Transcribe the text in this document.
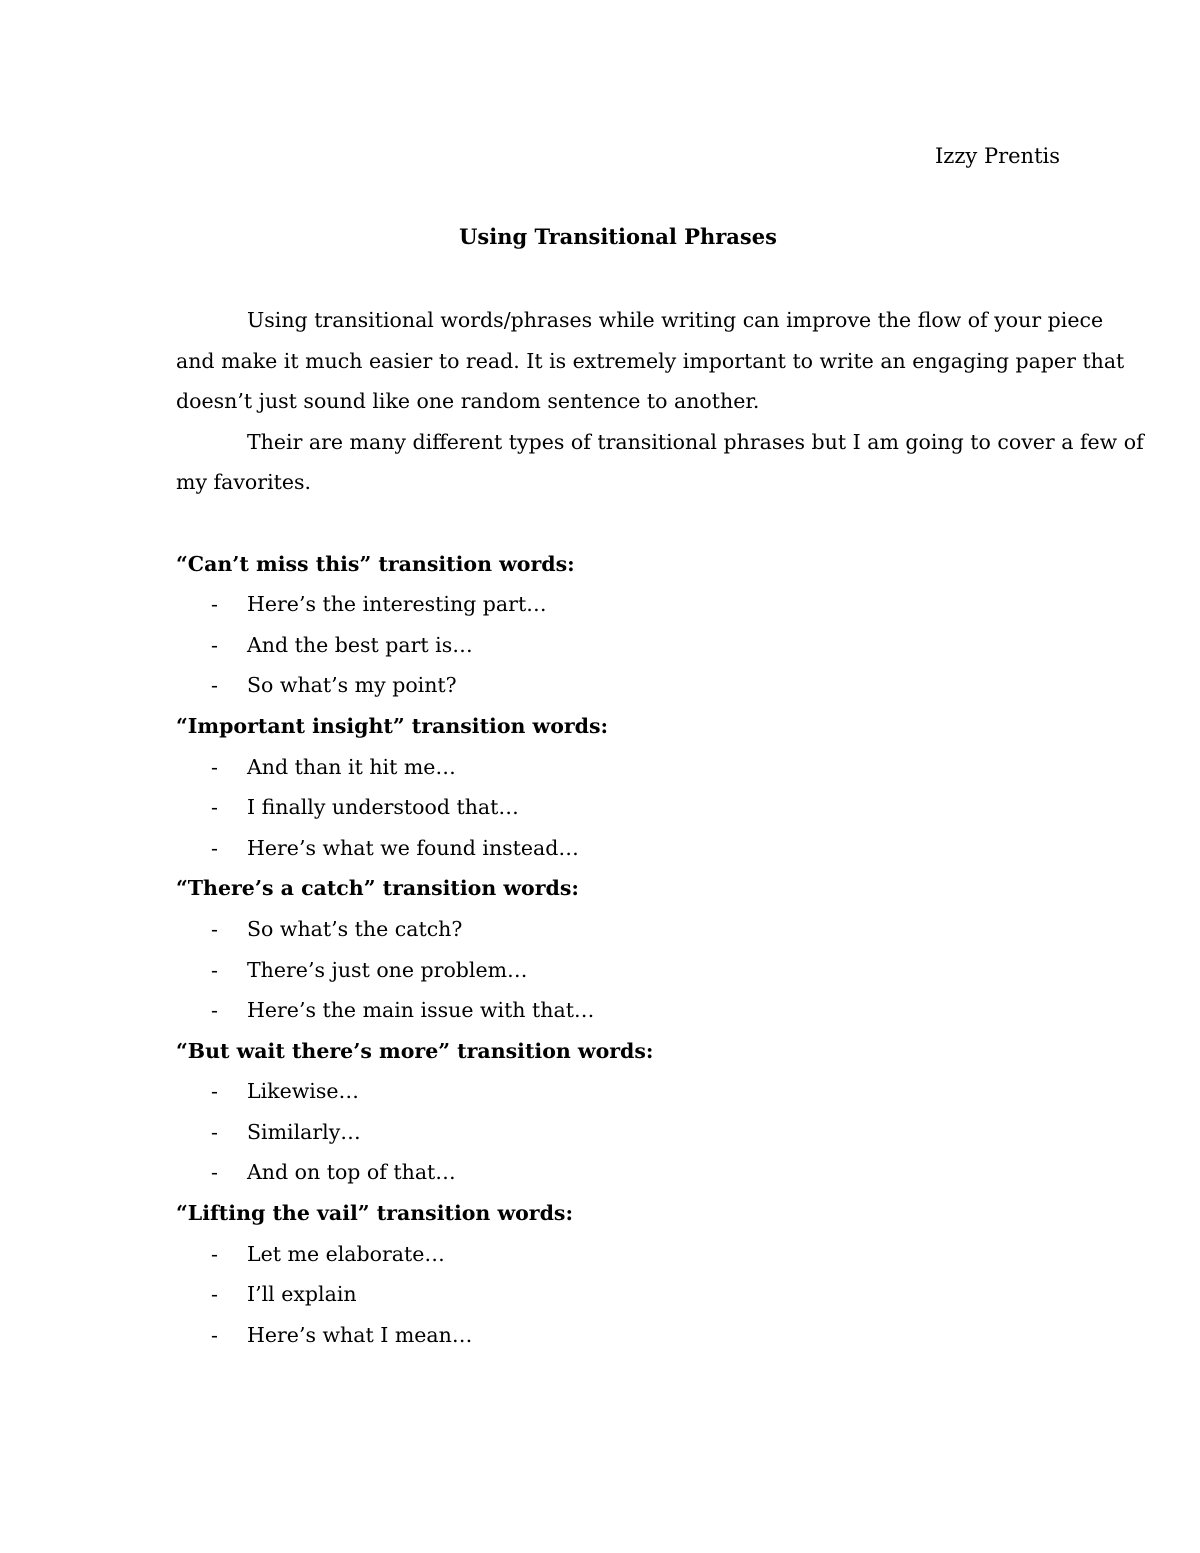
Izzy Prentis
Using Transitional Phrases
Using transitional words/phrases while writing can improve the flow of your piece
and make it much easier to read. It is extremely important to write an engaging paper that
doesn’t just sound like one random sentence to another.
Their are many different types of transitional phrases but I am going to cover a few of
my favorites.
“Can’t miss this” transition words:
-	Here’s the interesting part…
-	And the best part is…
-	So what’s my point?
“Important insight” transition words:
-	And than it hit me…
-	I finally understood that…
-	Here’s what we found instead…
“There’s a catch” transition words:
-	So what’s the catch?
-	There’s just one problem…
-	Here’s the main issue with that…
“But wait there’s more” transition words:
-	Likewise…
-	Similarly…
-	And on top of that…
“Lifting the vail” transition words:
-	Let me elaborate…
-	I’ll explain
-	Here’s what I mean…
